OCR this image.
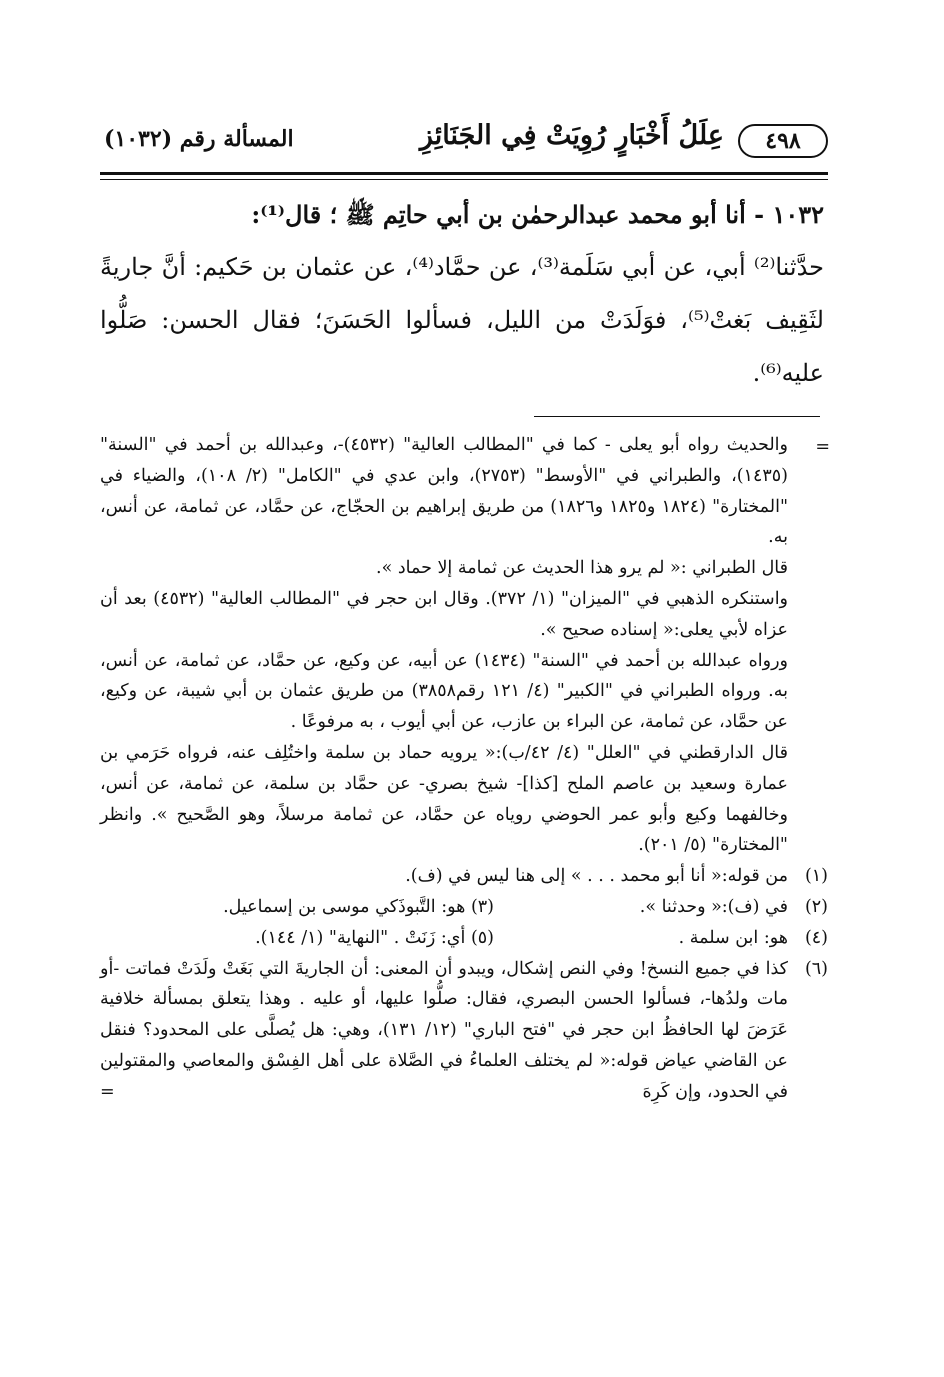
٤٩٨
عِلَلُ أَخْبَارٍ رُوِيَتْ فِي الجَنَائِزِ
المسألة رقم (١٠٣٢)

١٠٣٢ - أنا أبو محمد عبدالرحمٰن بن أبي حاتِم ﷺ ؛ قال⁽¹⁾:

حدَّثنا⁽²⁾ أبي، عن أبي سَلَمة⁽³⁾، عن حمَّاد⁽⁴⁾، عن عثمان بن حَكيم: أنَّ جاريةً لثَقِيف بَغتْ⁽⁵⁾، فوَلَدَتْ من الليل، فسألوا الحَسَنَ؛ فقال الحسن: صَلُّوا عليه⁽⁶⁾.

=

والحديث رواه أبو يعلى - كما في "المطالب العالية" (٤٥٣٢)-، وعبدالله بن أحمد في "السنة" (١٤٣٥)، والطبراني في "الأوسط" (٢٧٥٣)، وابن عدي في "الكامل" (٢/ ١٠٨)، والضياء في "المختارة" (١٨٢٤ و١٨٢٥ و١٨٢٦) من طريق إبراهيم بن الحجّاج، عن حمَّاد، عن ثمامة، عن أنس، به.

قال الطبراني :« لم يرو هذا الحديث عن ثمامة إلا حماد ».

واستنكره الذهبي في "الميزان" (١/ ٣٧٢). وقال ابن حجر في "المطالب العالية" (٤٥٣٢) بعد أن عزاه لأبي يعلى:« إسناده صحيح ».

ورواه عبدالله بن أحمد في "السنة" (١٤٣٤) عن أبيه، عن وكيع، عن حمَّاد، عن ثمامة، عن أنس، به. ورواه الطبراني في "الكبير" (٤/ ١٢١ رقم٣٨٥٨) من طريق عثمان بن أبي شيبة، عن وكيع، عن حمَّاد، عن ثمامة، عن البراء بن عازب، عن أبي أيوب ، به مرفوعًا .

قال الدارقطني في "العلل" (٤/ ٤٢/ب):« يرويه حماد بن سلمة واختُلِف عنه، فرواه حَرَمي بن عمارة وسعيد بن عاصم الملح [كذا]- شيخ بصري- عن حمَّاد بن سلمة، عن ثمامة، عن أنس، وخالفهما وكيع وأبو عمر الحوضي روياه عن حمَّاد، عن ثمامة مرسلاً، وهو الصَّحيح ». وانظر "المختارة" (٥/ ٢٠١).

(١)
من قوله:« أنا أبو محمد . . . » إلى هنا ليس في (ف).
(٢)
في (ف):« وحدثنا ».
(٣) هو: التَّبوذَكي موسى بن إسماعيل.
(٤)
هو: ابن سلمة .
(٥) أي: زَنَتْ . "النهاية" (١/ ١٤٤).
(٦)
كذا في جميع النسخ! وفي النص إشكال، ويبدو أن المعنى: أن الجاريةَ التي بَغَتْ ولَدَتْ فماتت -أو مات ولدُها-، فسألوا الحسن البصري، فقال: صلُّوا عليها، أو عليه . وهذا يتعلق بمسألة خلافية عَرَضَ لها الحافظُ ابن حجر في "فتح الباري" (١٢/ ١٣١)، وهي: هل يُصلَّى على المحدود؟ فنقل عن القاضي عياض قوله:« لم يختلف العلماءُ في الصَّلاة على أهل الفِسْق والمعاصي والمقتولين في الحدود، وإن كَرِهَ
=
